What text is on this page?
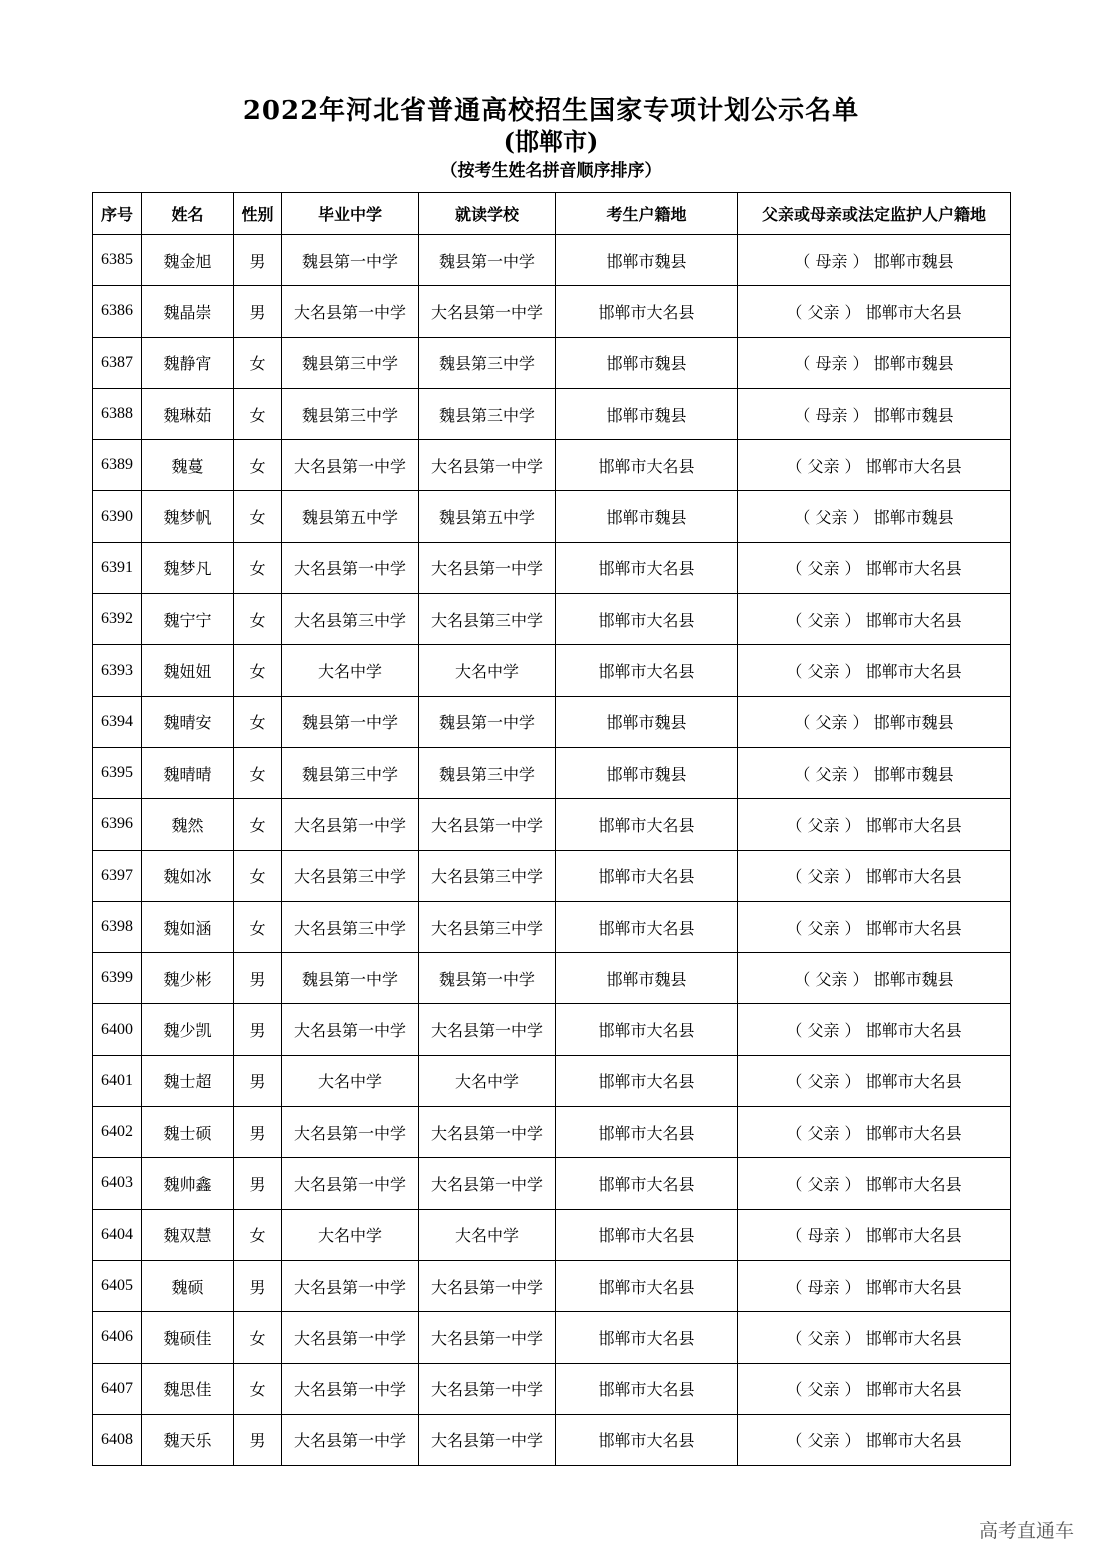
2022年河北省普通高校招生国家专项计划公示名单
(邯郸市)
（按考生姓名拼音顺序排序）
序号	姓名	性别	毕业中学	就读学校	考生户籍地	父亲或母亲或法定监护人户籍地
6385	魏金旭	男	魏县第一中学	魏县第一中学	邯郸市魏县	（ 母亲 ） 邯郸市魏县
6386	魏晶崇	男	大名县第一中学	大名县第一中学	邯郸市大名县	（ 父亲 ） 邯郸市大名县
6387	魏静宵	女	魏县第三中学	魏县第三中学	邯郸市魏县	（ 母亲 ） 邯郸市魏县
6388	魏琳茹	女	魏县第三中学	魏县第三中学	邯郸市魏县	（ 母亲 ） 邯郸市魏县
6389	魏蔓	女	大名县第一中学	大名县第一中学	邯郸市大名县	（ 父亲 ） 邯郸市大名县
6390	魏梦帆	女	魏县第五中学	魏县第五中学	邯郸市魏县	（ 父亲 ） 邯郸市魏县
6391	魏梦凡	女	大名县第一中学	大名县第一中学	邯郸市大名县	（ 父亲 ） 邯郸市大名县
6392	魏宁宁	女	大名县第三中学	大名县第三中学	邯郸市大名县	（ 父亲 ） 邯郸市大名县
6393	魏妞妞	女	大名中学	大名中学	邯郸市大名县	（ 父亲 ） 邯郸市大名县
6394	魏晴安	女	魏县第一中学	魏县第一中学	邯郸市魏县	（ 父亲 ） 邯郸市魏县
6395	魏晴晴	女	魏县第三中学	魏县第三中学	邯郸市魏县	（ 父亲 ） 邯郸市魏县
6396	魏然	女	大名县第一中学	大名县第一中学	邯郸市大名县	（ 父亲 ） 邯郸市大名县
6397	魏如冰	女	大名县第三中学	大名县第三中学	邯郸市大名县	（ 父亲 ） 邯郸市大名县
6398	魏如涵	女	大名县第三中学	大名县第三中学	邯郸市大名县	（ 父亲 ） 邯郸市大名县
6399	魏少彬	男	魏县第一中学	魏县第一中学	邯郸市魏县	（ 父亲 ） 邯郸市魏县
6400	魏少凯	男	大名县第一中学	大名县第一中学	邯郸市大名县	（ 父亲 ） 邯郸市大名县
6401	魏士超	男	大名中学	大名中学	邯郸市大名县	（ 父亲 ） 邯郸市大名县
6402	魏士硕	男	大名县第一中学	大名县第一中学	邯郸市大名县	（ 父亲 ） 邯郸市大名县
6403	魏帅鑫	男	大名县第一中学	大名县第一中学	邯郸市大名县	（ 父亲 ） 邯郸市大名县
6404	魏双慧	女	大名中学	大名中学	邯郸市大名县	（ 母亲 ） 邯郸市大名县
6405	魏硕	男	大名县第一中学	大名县第一中学	邯郸市大名县	（ 母亲 ） 邯郸市大名县
6406	魏硕佳	女	大名县第一中学	大名县第一中学	邯郸市大名县	（ 父亲 ） 邯郸市大名县
6407	魏思佳	女	大名县第一中学	大名县第一中学	邯郸市大名县	（ 父亲 ） 邯郸市大名县
6408	魏天乐	男	大名县第一中学	大名县第一中学	邯郸市大名县	（ 父亲 ） 邯郸市大名县
高考直通车
